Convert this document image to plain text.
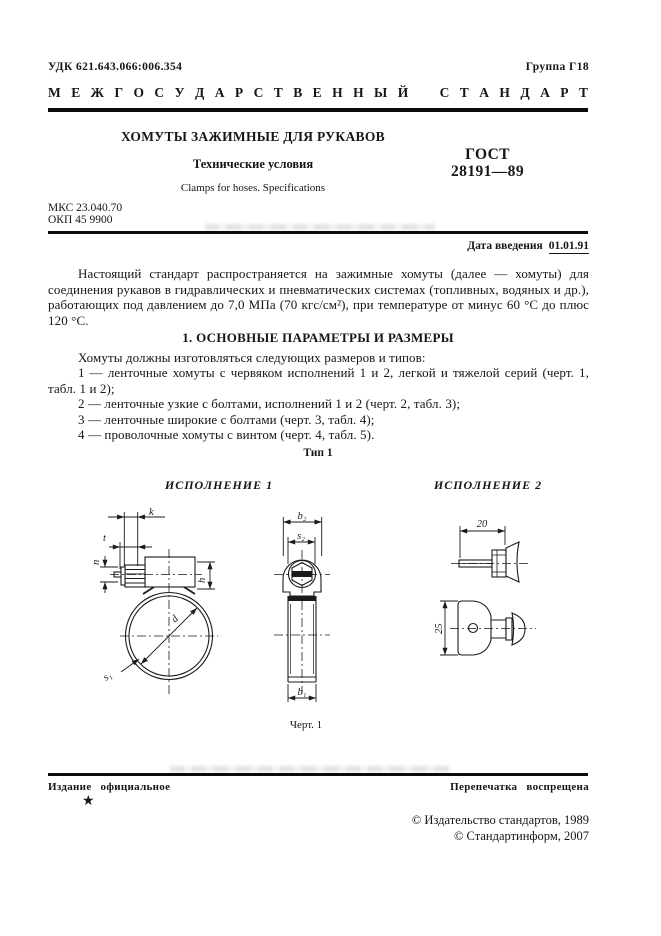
УДК 621.643.066:006.354	Группа Г18
М Е Ж Г О С У Д А Р С Т В Е Н Н Ы Й С Т А Н Д А Р Т
ХОМУТЫ ЗАЖИМНЫЕ ДЛЯ РУКАВОВ
Технические условия
ГОСТ
28191—89
Clamps for hoses. Specifications
МКС 23.040.70
ОКП 45 9900
Дата введения 01.01.91
Настоящий стандарт распространяется на зажимные хомуты (далее — хомуты) для соединения рукавов в гидравлических и пневматических системах (топливных, водяных и др.), работающих под давлением до 7,0 МПа (70 кгс/см²), при температуре от минус 60 °С до плюс 120 °С.
1. ОСНОВНЫЕ ПАРАМЕТРЫ И РАЗМЕРЫ
Хомуты должны изготовляться следующих размеров и типов:
1 — ленточные хомуты с червяком исполнений 1 и 2, легкой и тяжелой серий (черт. 1, табл. 1 и 2);
2 — ленточные узкие с болтами, исполнений 1 и 2 (черт. 2, табл. 3);
3 — ленточные широкие с болтами (черт. 3, табл. 4);
4 — проволочные хомуты с винтом (черт. 4, табл. 5).
Тип 1
ИСПОЛНЕНИЕ 1	ИСПОЛНЕНИЕ 2
k
t
n
h
d
s₁
b₂
s₂
b₁
20
25
Черт. 1
Издание официальное	Перепечатка воспрещена
★
© Издательство стандартов, 1989
© Стандартинформ, 2007
